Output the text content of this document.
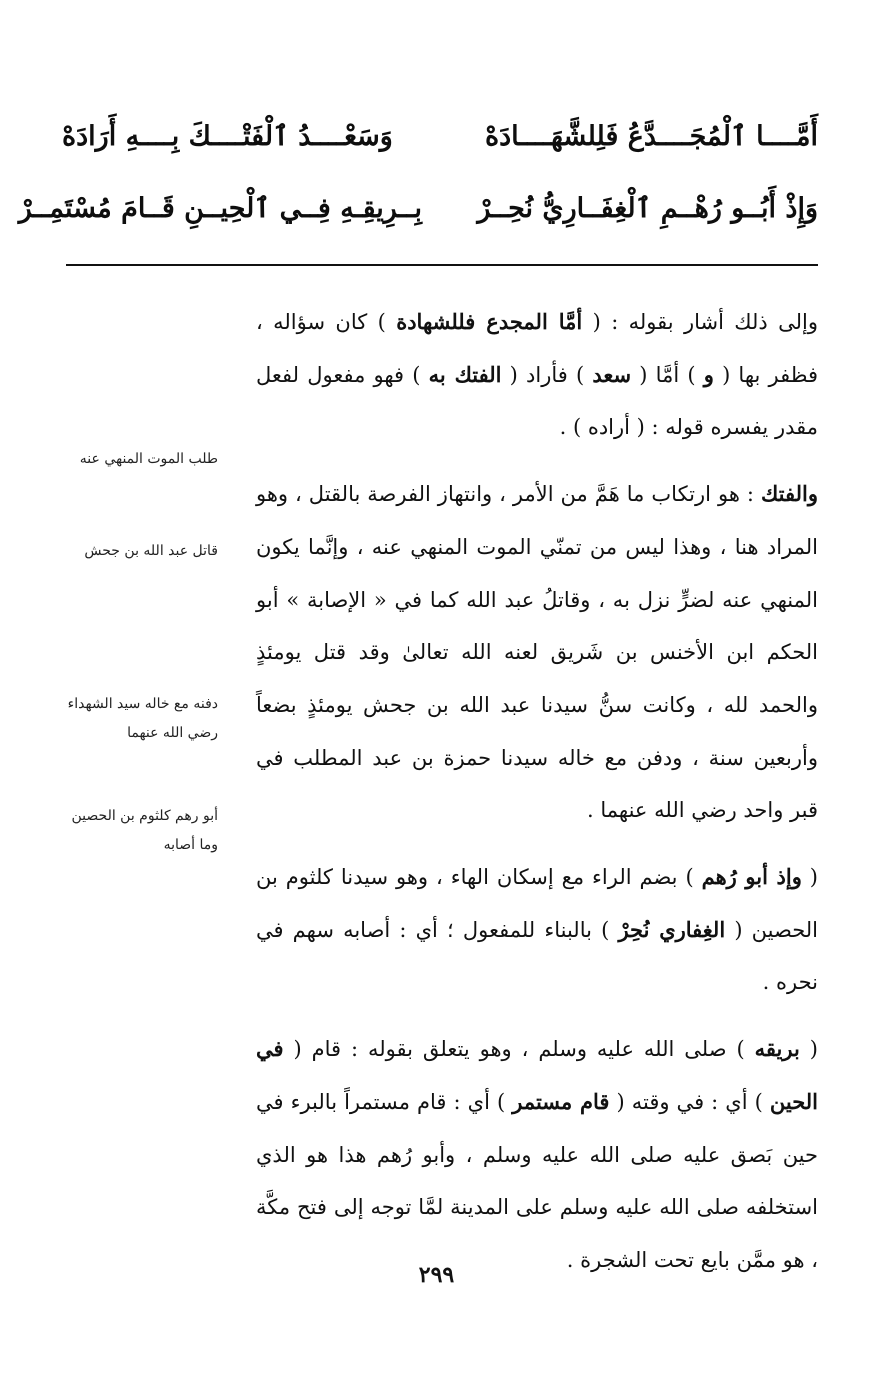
أَمَّــــا ٱلْمُجَــــدَّعُ فَلِلشَّهَــــادَهْ
وَسَعْــــدُ ٱلْفَتْــــكَ بِــــهِ أَرَادَهْ
وَإِذْ أَبُــو رُهْــمِ ٱلْغِفَــارِيُّ نُحِــرْ
بِــرِيقِـهِ فِــي ٱلْحِيــنِ قَــامَ مُسْتَمِــرْ

وإلى ذلك أشار بقوله : ( أمَّا المجدع فللشهادة ) كان سؤاله ، فظفر بها ( و ) أمَّا ( سعد ) فأراد ( الفتك به ) فهو مفعول لفعل مقدر يفسره قوله : ( أراده ) .

والفتك : هو ارتكاب ما هَمَّ من الأمر ، وانتهاز الفرصة بالقتل ، وهو المراد هنا ، وهذا ليس من تمنّي الموت المنهي عنه ، وإنَّما يكون المنهي عنه لضرٍّ نزل به ، وقاتلُ عبد الله كما في « الإصابة » أبو الحكم ابن الأخنس بن شَريق لعنه الله تعالىٰ وقد قتل يومئذٍ والحمد لله ، وكانت سنُّ سيدنا عبد الله بن جحش يومئذٍ بضعاً وأربعين سنة ، ودفن مع خاله سيدنا حمزة بن عبد المطلب في قبر واحد رضي الله عنهما .

( وإذ أبو رُهم ) بضم الراء مع إسكان الهاء ، وهو سيدنا كلثوم بن الحصين ( الغِفاري نُحِرْ ) بالبناء للمفعول ؛ أي : أصابه سهم في نحره .

( بريقه ) صلى الله عليه وسلم ، وهو يتعلق بقوله : قام ( في الحين ) أي : في وقته ( قام مستمر ) أي : قام مستمراً بالبرء في حين بَصق عليه صلى الله عليه وسلم ، وأبو رُهم هذا هو الذي استخلفه صلى الله عليه وسلم على المدينة لمَّا توجه إلى فتح مكَّة ، هو ممَّن بايع تحت الشجرة .

طلب الموت المنهي عنه
قاتل عبد الله بن جحش
دفنه مع خاله سيد الشهداء رضي الله عنهما
أبو رهم كلثوم بن الحصين وما أصابه
٢٩٩
